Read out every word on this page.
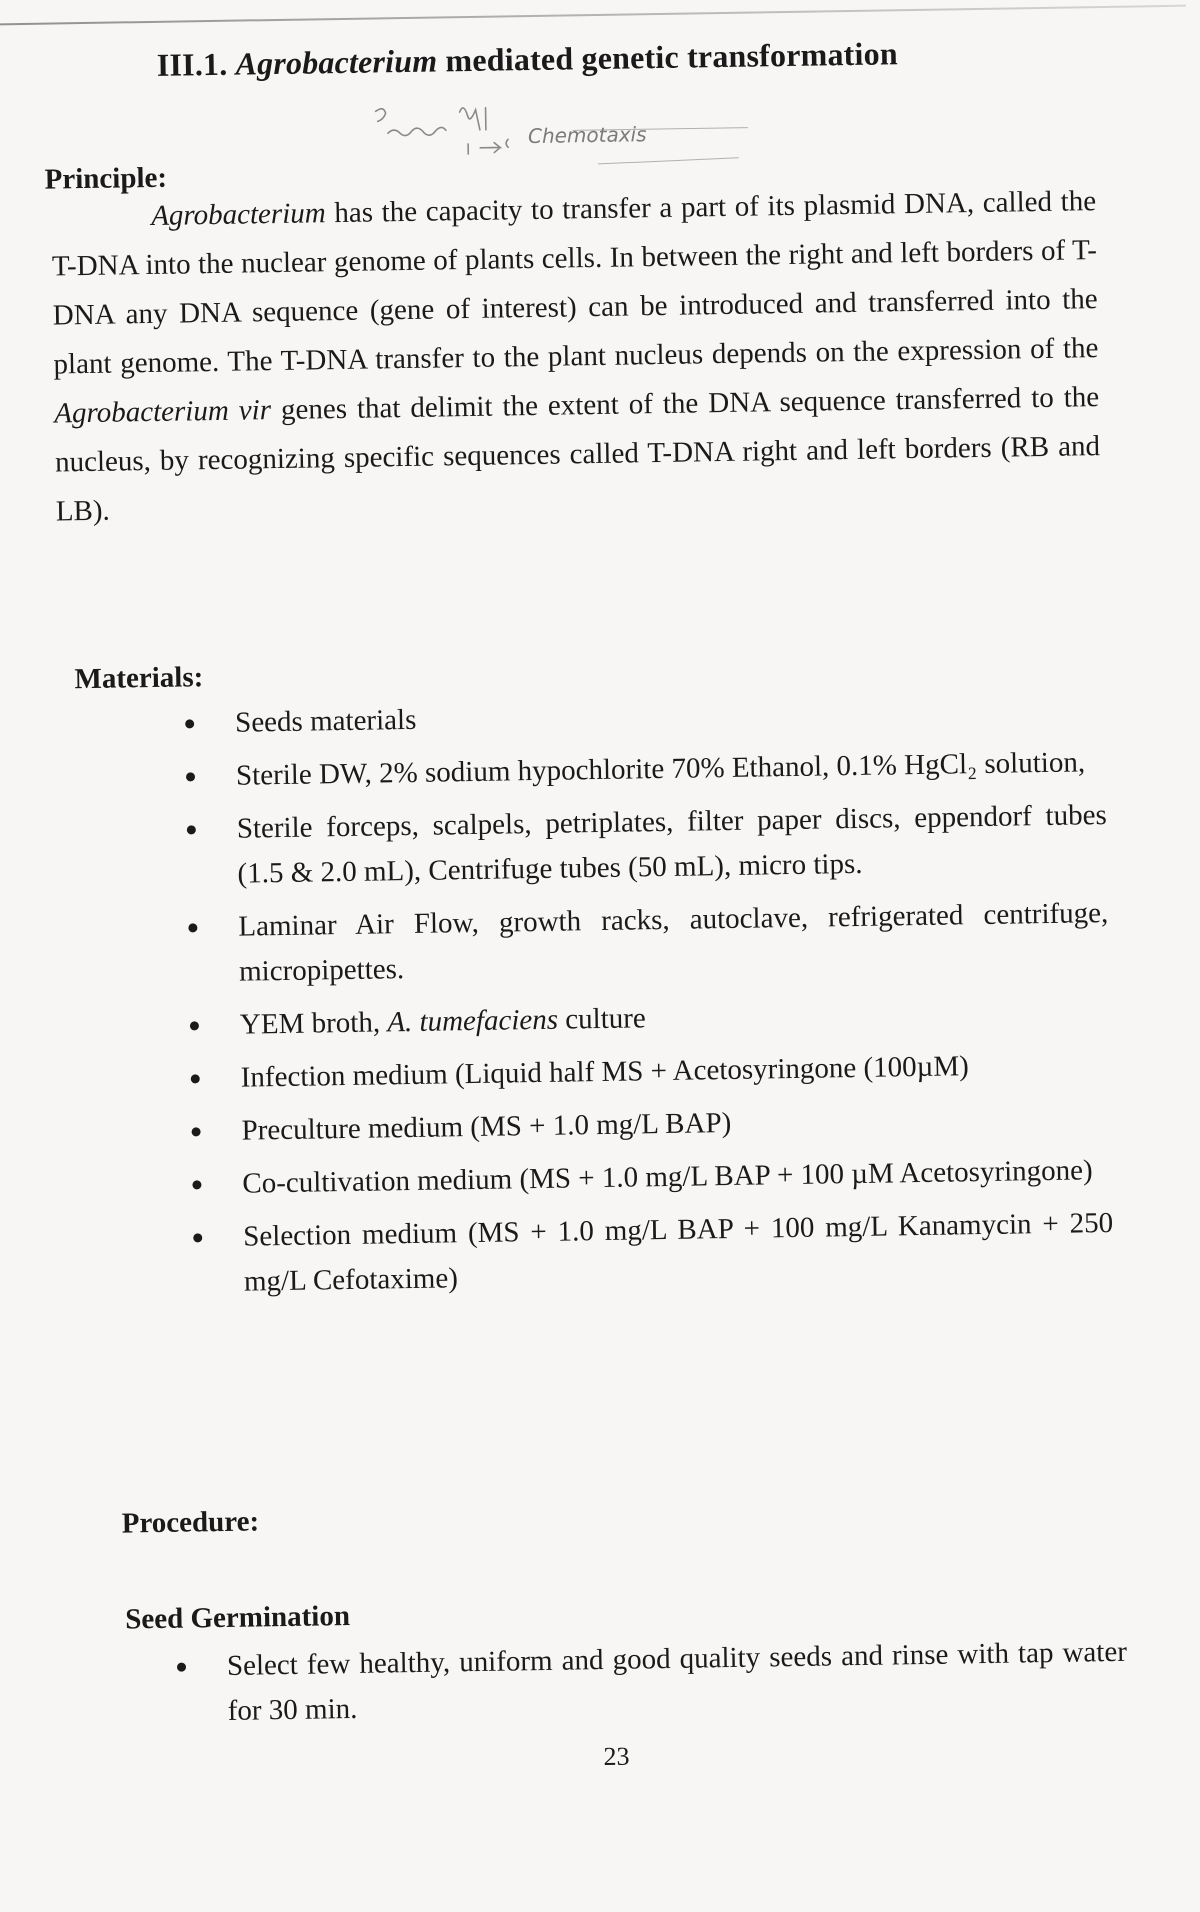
III.1. Agrobacterium mediated genetic transformation
Chemotaxis
Principle:
Agrobacterium has the capacity to transfer a part of its plasmid DNA, called the T-DNA into the nuclear genome of plants cells. In between the right and left borders of T-DNA any DNA sequence (gene of interest) can be introduced and transferred into the plant genome. The T-DNA transfer to the plant nucleus depends on the expression of the Agrobacterium vir genes that delimit the extent of the DNA sequence transferred to the nucleus, by recognizing specific sequences called T-DNA right and left borders (RB and LB).
Materials:
Seeds materials
Sterile DW, 2% sodium hypochlorite 70% Ethanol, 0.1% HgCl₂ solution,
Sterile forceps, scalpels, petriplates, filter paper discs, eppendorf tubes (1.5 & 2.0 mL), Centrifuge tubes (50 mL), micro tips.
Laminar Air Flow, growth racks, autoclave, refrigerated centrifuge, micropipettes.
YEM broth, A. tumefaciens culture
Infection medium (Liquid half MS + Acetosyringone (100µM)
Preculture medium (MS + 1.0 mg/L BAP)
Co-cultivation medium (MS + 1.0 mg/L BAP + 100 µM Acetosyringone)
Selection medium (MS + 1.0 mg/L BAP + 100 mg/L Kanamycin + 250 mg/L Cefotaxime)
Procedure:
Seed Germination
Select few healthy, uniform and good quality seeds and rinse with tap water for 30 min.
23
